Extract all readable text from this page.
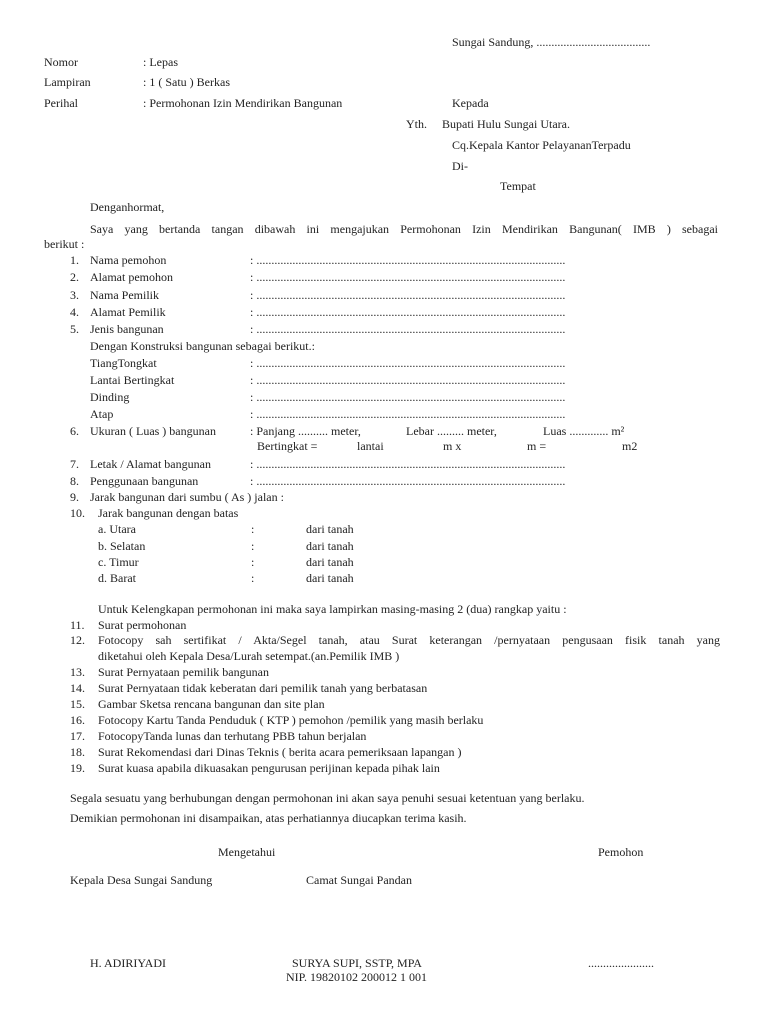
Sungai Sandung, ......................................
Nomor	: Lepas
Lampiran	: 1 ( Satu ) Berkas
Perihal	: Permohonan Izin Mendirikan Bangunan	Kepada
Yth. Bupati Hulu Sungai Utara.
Cq.Kepala Kantor PelayananTerpadu
Di-
Tempat
Denganhormat,
Saya yang bertanda tangan dibawah ini mengajukan Permohonan Izin Mendirikan Bangunan( IMB ) sebagai
berikut :
1. Nama pemohon	: .......................................................................................................
2. Alamat pemohon	: .......................................................................................................
3. Nama Pemilik	: .......................................................................................................
4. Alamat Pemilik	: .......................................................................................................
5. Jenis bangunan	: .......................................................................................................
Dengan Konstruksi bangunan sebagai berikut.:
TiangTongkat	: .......................................................................................................
Lantai Bertingkat	: .......................................................................................................
Dinding	: .......................................................................................................
Atap	: .......................................................................................................
6. Ukuran ( Luas ) bangunan	: Panjang .......... meter,	Lebar ......... meter,	Luas ............. m²
Bertingkat =	lantai	m x	m =	m2
7. Letak / Alamat bangunan	: .......................................................................................................
8. Penggunaan bangunan	: .......................................................................................................
9. Jarak bangunan dari sumbu ( As ) jalan :
10. Jarak bangunan dengan batas
a. Utara	:	dari tanah
b. Selatan	:	dari tanah
c. Timur	:	dari tanah
d. Barat	:	dari tanah
Untuk Kelengkapan permohonan ini maka saya lampirkan masing-masing 2 (dua) rangkap yaitu :
11. Surat permohonan
12. Fotocopy sah sertifikat / Akta/Segel tanah, atau Surat keterangan /pernyataan pengusaan fisik tanah yang
diketahui oleh Kepala Desa/Lurah setempat.(an.Pemilik IMB )
13. Surat Pernyataan pemilik bangunan
14. Surat Pernyataan tidak keberatan dari pemilik tanah yang berbatasan
15. Gambar Sketsa rencana bangunan dan site plan
16. Fotocopy Kartu Tanda Penduduk ( KTP ) pemohon /pemilik yang masih berlaku
17. FotocopyTanda lunas dan terhutang PBB tahun berjalan
18. Surat Rekomendasi dari Dinas Teknis ( berita acara pemeriksaan lapangan )
19. Surat kuasa apabila dikuasakan pengurusan perijinan kepada pihak lain
Segala sesuatu yang berhubungan dengan permohonan ini akan saya penuhi sesuai ketentuan yang berlaku.
Demikian permohonan ini disampaikan, atas perhatiannya diucapkan terima kasih.
Mengetahui	Pemohon
Kepala Desa Sungai Sandung	Camat Sungai Pandan
H. ADIRIYADI	SURYA SUPI, SSTP, MPA	......................
NIP. 19820102 200012 1 001
